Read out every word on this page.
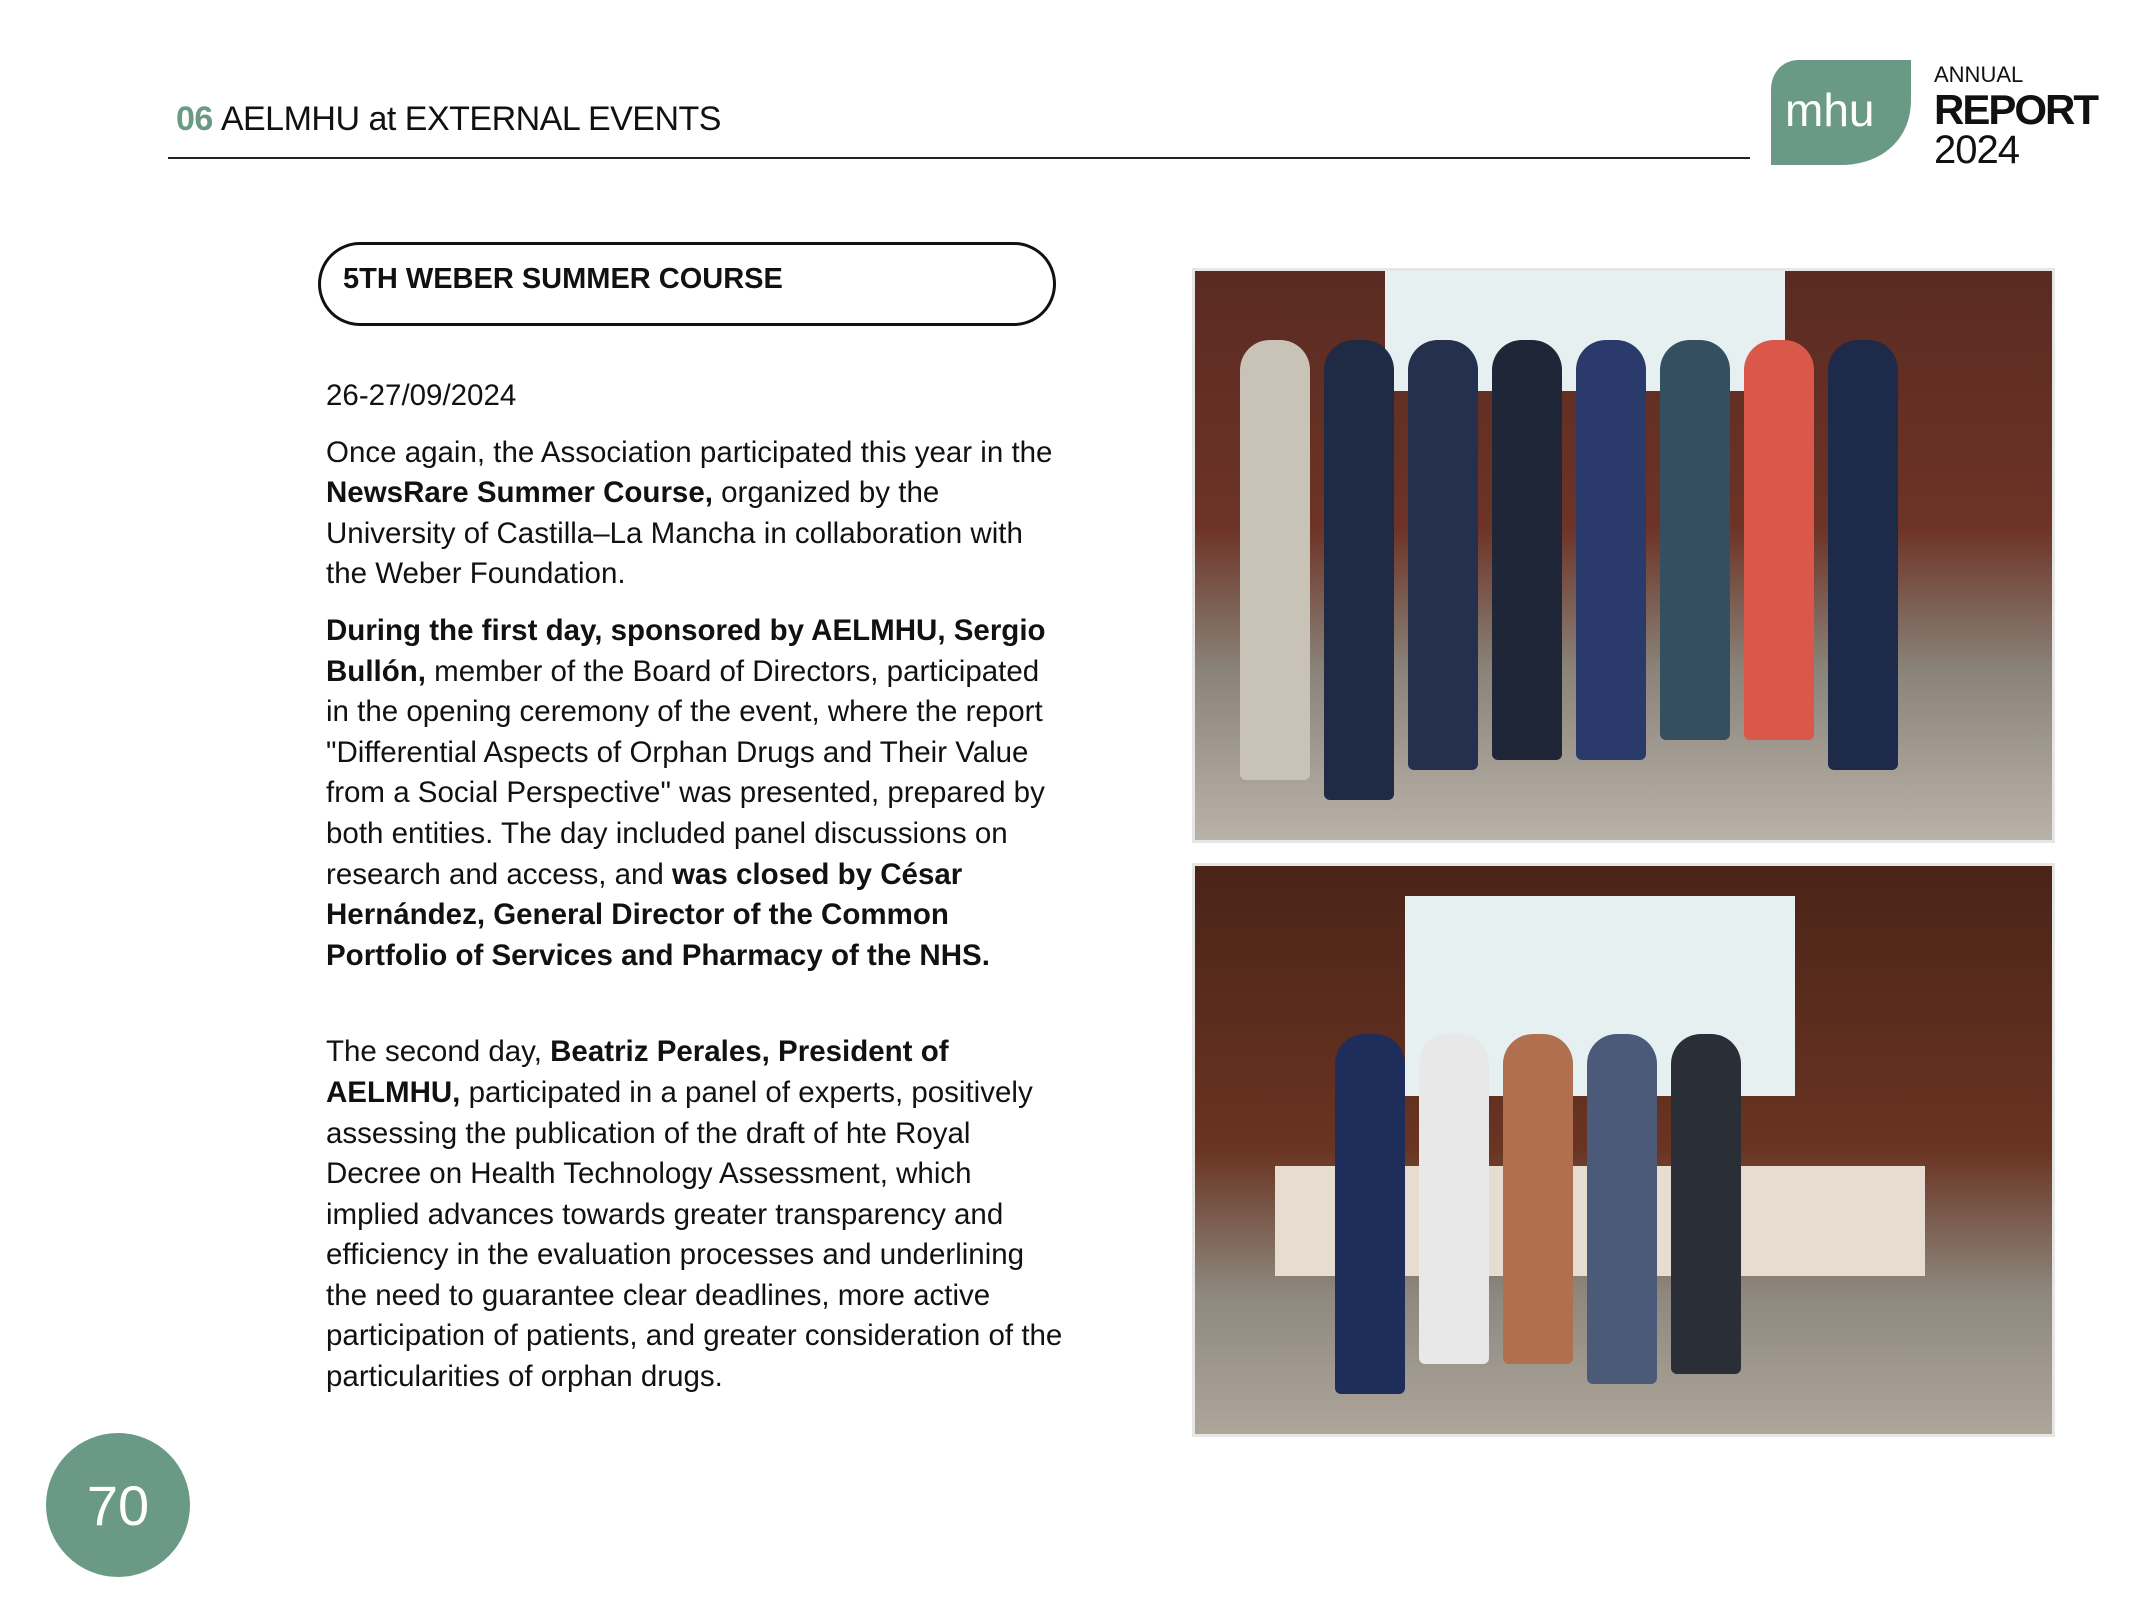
06 AELMHU at EXTERNAL EVENTS	mhu
ANNUAL
REPORT
2024
5TH WEBER SUMMER COURSE

26-27/09/2024

Once again, the Association participated this year in the NewsRare Summer Course, organized by the University of Castilla–La Mancha in collaboration with the Weber Foundation.

During the first day, sponsored by AELMHU, Sergio Bullón, member of the Board of Directors, participated in the opening ceremony of the event, where the report "Differential Aspects of Orphan Drugs and Their Value from a Social Perspective" was presented, prepared by both entities. The day included panel discussions on research and access, and was closed by César Hernández, General Director of the Common Portfolio of Services and Pharmacy of the NHS.

The second day, Beatriz Perales, President of AELMHU, participated in a panel of experts, positively assessing the publication of the draft of hte Royal Decree on Health Technology Assessment, which implied advances towards greater transparency and efficiency in the evaluation processes and underlining the need to guarantee clear deadlines, more active participation of patients, and greater consideration of the particularities of orphan drugs.

70
